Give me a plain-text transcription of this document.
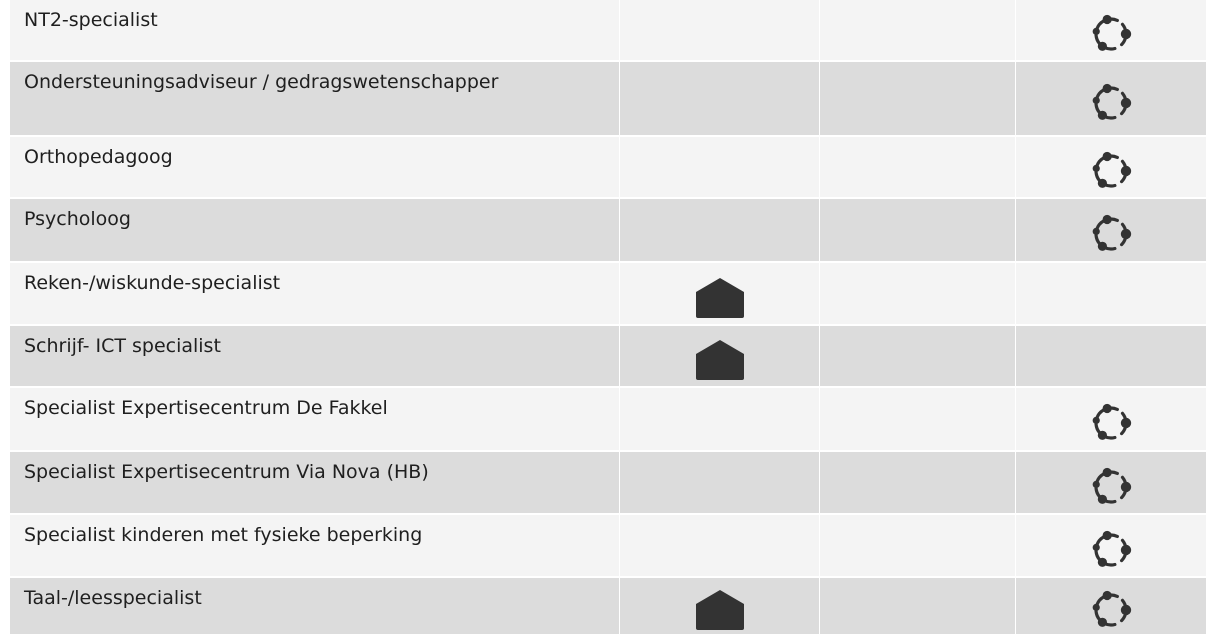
NT2-specialist
Ondersteuningsadviseur / gedragswetenschapper
Orthopedagoog
Psycholoog
Reken-/wiskunde-specialist
Schrijf- ICT specialist
Specialist Expertisecentrum De Fakkel
Specialist Expertisecentrum Via Nova (HB)
Specialist kinderen met fysieke beperking
Taal-/leesspecialist
